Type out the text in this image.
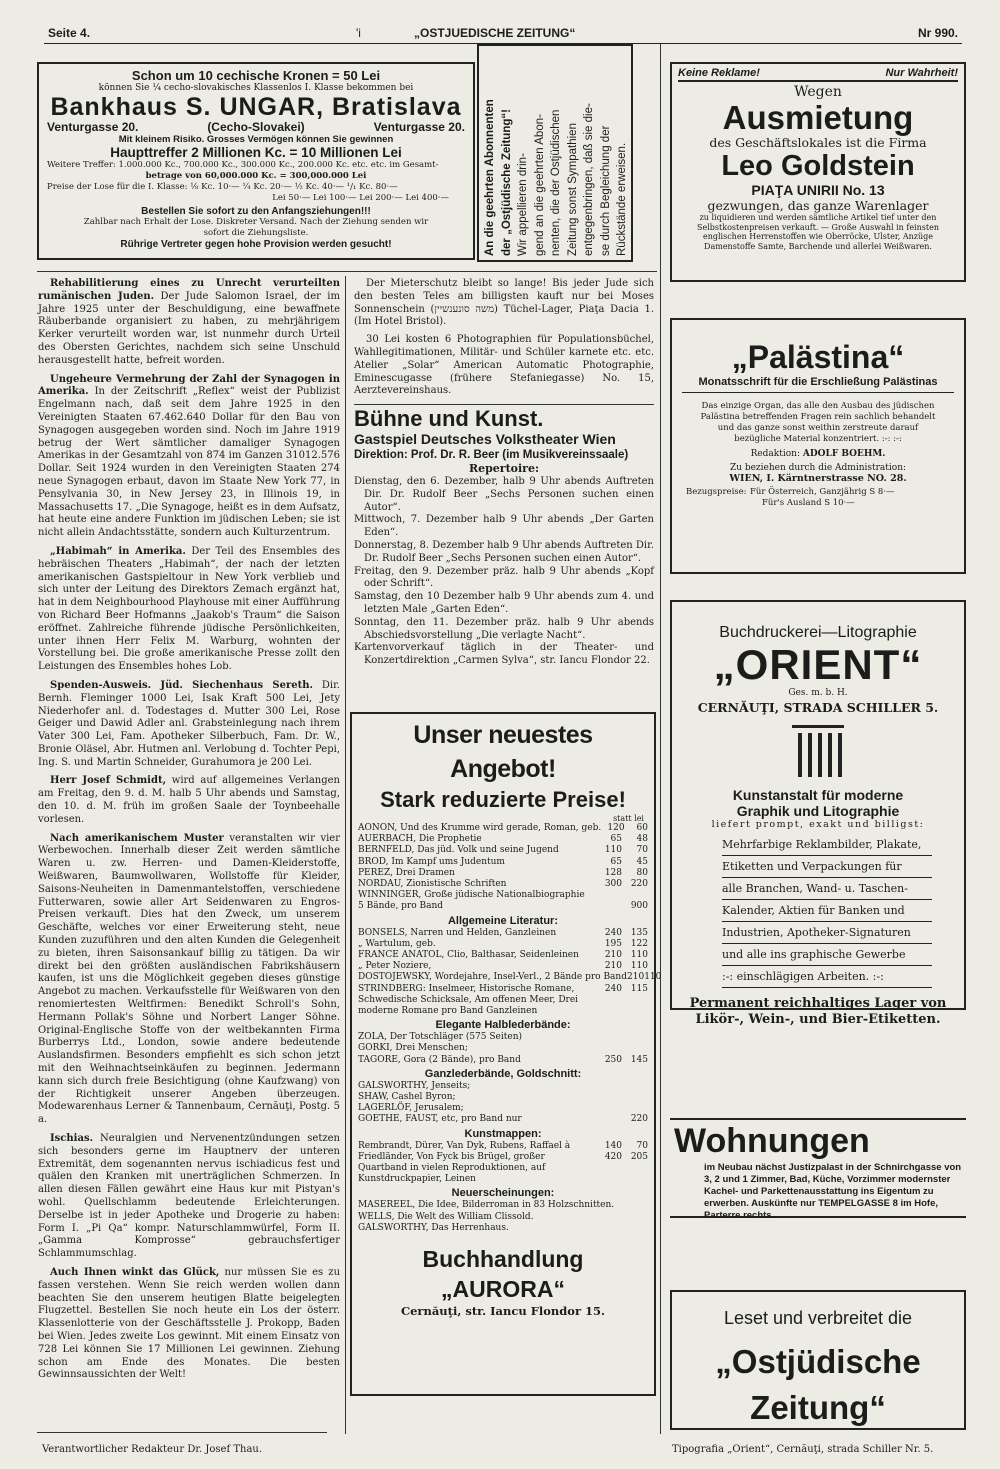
Seite 4.	'i	„OSTJUEDISCHE ZEITUNG“	Nr 990.
Schon um 10 cechische Kronen = 50 Lei
können Sie ¼ cecho-slovakisches Klassenlos I. Klasse bekommen bei
Bankhaus S. UNGAR, Bratislava
Venturgasse 20.	(Cecho-Slovakei)	Venturgasse 20.
Mit kleinem Risiko. Grosses Vermögen können Sie gewinnen
Haupttreffer 2 Millionen Kc. = 10 Millionen Lei
Weitere Treffer: 1.000.000 Kc., 700.000 Kc., 300.000 Kc., 200.000 Kc. etc. etc. im Gesamt-
betrage von 60,000.000 Kc. = 300,000.000 Lei
Preise der Lose für die I. Klasse: ⅛ Kc. 10·— ¼ Kc. 20·— ½ Kc. 40·— ¹/₁ Kc. 80·—
Lei 50·— Lei 100·— Lei 200·— Lei 400·—
Bestellen Sie sofort zu den Anfangsziehungen!!!
Zahlbar nach Erhalt der Lose. Diskreter Versand. Nach der Ziehung senden wir
sofort die Ziehungsliste.
Rührige Vertreter gegen hohe Provision werden gesucht!	An die geehrten Abonnenten der „Ostjüdische Zeitung“! Wir appellieren drin- gend an die geehrten Abon- nenten, die der Ostjüdischen Zeitung sonst Sympathien entgegenbringen, daß sie die- se durch Begleichung der Rückstände erweisen.
Keine Reklame!	Nur Wahrheit!
Wegen
Ausmietung
des Geschäftslokales ist die Firma
Leo Goldstein
PIAŢA UNIRII No. 13
gezwungen, das ganze Warenlager
zu liquidieren und werden sämtliche Artikel tief unter den Selbstkostenpreisen verkauft. — Große Auswahl in feinsten englischen Herrenstoffen wie Oberröcke, Ulster, Anzüge Damenstoffe Samte, Barchende und allerlei Weißwaren.
„Palästina“
Monatsschrift für die Erschließung Palästinas
Das einzige Organ, das alle den Ausbau des jüdischen Palästina betreffenden Fragen rein sachlich behandelt und das ganze sonst weithin zerstreute darauf bezügliche Material konzentriert. :-: :-:
Redaktion: ADOLF BOEHM.
Zu beziehen durch die Administration:
WIEN, I. Kärntnerstrasse NO. 28.
Bezugspreise: Für Österreich, Ganzjährig S 8·—
Für's Ausland S 10·—
Buchdruckerei—Litographie
„ORIENT“
Ges. m. b. H.
CERNĂUŢI, STRADA SCHILLER 5.
Kunstanstalt für moderne
Graphik und Litographie
liefert prompt, exakt und billigst:
Mehrfarbige Reklambilder, Plakate,
Etiketten und Verpackungen für
alle Branchen, Wand- u. Taschen-
Kalender, Aktien für Banken und
Industrien, Apotheker-Signaturen
und alle ins graphische Gewerbe
:-: einschlägigen Arbeiten. :-:
Permanent reichhaltiges Lager von Likör-, Wein-, und Bier-Etiketten.
Wohnungen
im Neubau nächst Justizpalast in der Schnirchgasse von 3, 2 und 1 Zimmer, Bad, Küche, Vorzimmer modernster Kachel- und Parkettenausstattung ins Eigentum zu erwerben. Auskünfte nur TEMPELGASSE 8 im Hofe, Parterre rechts.
Leset und verbreitet die
„Ostjüdische Zeitung“
Tipografia „Orient“, Cernăuţi, strada Schiller Nr. 5.

Rehabilitierung eines zu Unrecht verurteilten rumänischen Juden. Der Jude Salomon Israel, der im Jahre 1925 unter der Beschuldigung, eine bewaffnete Räuberbande organisiert zu haben, zu mehrjährigem Kerker verurteilt worden war, ist nunmehr durch Urteil des Obersten Gerichtes, nachdem sich seine Unschuld herausgestellt hatte, befreit worden.

Ungeheure Vermehrung der Zahl der Synagogen in Amerika. In der Zeitschrift „Reflex“ weist der Publizist Engelmann nach, daß seit dem Jahre 1925 in den Vereinigten Staaten 67.462.640 Dollar für den Bau von Synagogen ausgegeben worden sind. Noch im Jahre 1919 betrug der Wert sämtlicher damaliger Synagogen Amerikas in der Gesamtzahl von 874 im Ganzen 31012.576 Dollar. Seit 1924 wurden in den Vereinigten Staaten 274 neue Synagogen erbaut, davon im Staate New York 77, in Pensylvania 30, in New Jersey 23, in Illinois 19, in Massachusetts 17. „Die Synagoge, heißt es in dem Aufsatz, hat heute eine andere Funktion im jüdischen Leben; sie ist nicht allein Andachtsstätte, sondern auch Kulturzentrum.

„Habimah“ in Amerika. Der Teil des Ensembles des hebräischen Theaters „Habimah“, der nach der letzten amerikanischen Gastspieltour in New York verblieb und sich unter der Leitung des Direktors Zemach ergänzt hat, hat in dem Neighbourhood Playhouse mit einer Aufführung von Richard Beer Hofmanns „Jaakob's Traum“ die Saison eröffnet. Zahlreiche führende jüdische Persönlichkeiten, unter ihnen Herr Felix M. Warburg, wohnten der Vorstellung bei. Die große amerikanische Presse zollt den Leistungen des Ensembles hohes Lob.

Spenden-Ausweis. Jüd. Siechenhaus Sereth. Dir. Bernh. Fleminger 1000 Lei, Isak Kraft 500 Lei, Jety Niederhofer anl. d. Todestages d. Mutter 300 Lei, Rose Geiger und Dawid Adler anl. Grabsteinlegung nach ihrem Vater 300 Lei, Fam. Apotheker Silberbuch, Fam. Dr. W., Bronie Oläsel, Abr. Hutmen anl. Verlobung d. Tochter Pepi, Ing. S. und Martin Schneider, Gurahumora je 200 Lei.

Herr Josef Schmidt, wird auf allgemeines Verlangen am Freitag, den 9. d. M. halb 5 Uhr abends und Samstag, den 10. d. M. früh im großen Saale der Toynbeehalle vorlesen.

Nach amerikanischem Muster veranstalten wir vier Werbewochen. Innerhalb dieser Zeit werden sämtliche Waren u. zw. Herren- und Damen-Kleiderstoffe, Weißwaren, Baumwollwaren, Wollstoffe für Kleider, Saisons-Neuheiten in Damenmantelstoffen, verschiedene Futterwaren, sowie aller Art Seidenwaren zu Engros-Preisen verkauft. Dies hat den Zweck, um unserem Geschäfte, welches vor einer Erweiterung steht, neue Kunden zuzuführen und den alten Kunden die Gelegenheit zu bieten, ihren Saisonsankauf billig zu tätigen. Da wir direkt bei den größten ausländischen Fabrikshäusern kaufen, ist uns die Möglichkeit gegeben dieses günstige Angebot zu machen. Verkaufsstelle für Weißwaren von den renomiertesten Weltfirmen: Benedikt Schroll's Sohn, Hermann Pollak's Söhne und Norbert Langer Söhne. Original-Englische Stoffe von der weltbekannten Firma Burberrys Ltd., London, sowie andere bedeutende Auslandsfirmen. Besonders empfiehlt es sich schon jetzt mit den Weihnachtseinkäufen zu beginnen. Jedermann kann sich durch freie Besichtigung (ohne Kaufzwang) von der Richtigkeit unserer Angeben überzeugen. Modewarenhaus Lerner & Tannenbaum, Cernăuţi, Postg. 5 a.

Ischias. Neuralgien und Nervenentzündungen setzen sich besonders gerne im Hauptnerv der unteren Extremität, dem sogenannten nervus ischiadicus fest und quälen den Kranken mit unerträglichen Schmerzen. In allen diesen Fällen gewährt eine Haus kur mit Pistyan's wohl. Quellschlamm bedeutende Erleichterungen. Derselbe ist in jeder Apotheke und Drogerie zu haben: Form I. „Pi Qa“ kompr. Naturschlammwürfel, Form II. „Gamma Komprosse“ gebrauchsfertiger Schlammumschlag.

Auch Ihnen winkt das Glück, nur müssen Sie es zu fassen verstehen. Wenn Sie reich werden wollen dann beachten Sie den unserem heutigen Blatte beigelegten Flugzettel. Bestellen Sie noch heute ein Los der österr. Klassenlotterie von der Geschäftsstelle J. Prokopp, Baden bei Wien. Jedes zweite Los gewinnt. Mit einem Einsatz von 728 Lei können Sie 17 Millionen Lei gewinnen. Ziehung schon am Ende des Monates. Die besten Gewinnsaussichten der Welt!

Verantwortlicher Redakteur Dr. Josef Thau.

Der Mieterschutz bleibt so lange! Bis jeder Jude sich den besten Teles am billigsten kauft nur bei Moses Sonnenschein (משה סונענשיין) Tüchel-Lager, Piaţa Dacia 1. (Im Hotel Bristol).

30 Lei kosten 6 Photographien für Populationsbüchel, Wahllegitimationen, Militär- und Schüler karnete etc. etc. Atelier „Solar“ American Automatic Photographie, Eminescugasse (frühere Stefaniegasse) No. 15, Aerztevereinshaus.

Bühne und Kunst.
Gastspiel Deutsches Volkstheater Wien
Direktion: Prof. Dr. R. Beer (im Musikvereinssaale)
Repertoire:
Dienstag, den 6. Dezember, halb 9 Uhr abends Auftreten Dir. Dr. Rudolf Beer „Sechs Personen suchen einen Autor“.
Mittwoch, 7. Dezember halb 9 Uhr abends „Der Garten Eden“.
Donnerstag, 8. Dezember halb 9 Uhr abends Auftreten Dir. Dr. Rudolf Beer „Sechs Personen suchen einen Autor“.
Freitag, den 9. Dezember präz. halb 9 Uhr abends „Kopf oder Schrift“.
Samstag, den 10 Dezember halb 9 Uhr abends zum 4. und letzten Male „Garten Eden“.
Sonntag, den 11. Dezember präz. halb 9 Uhr abends Abschiedsvorstellung „Die verlagte Nacht“.
Kartenvorverkauf täglich in der Theater- und Konzertdirektion „Carmen Sylva“, str. Iancu Flondor 22.
Unser neuestes Angebot!
Stark reduzierte Preise!
statt lei
AONON, Und des Krumme wird gerade, Roman, geb. 120	60
AUERBACH, Die Prophetie	65	48
BERNFELD, Das jüd. Volk und seine Jugend	110	70
BROD, Im Kampf ums Judentum	65	45
PEREZ, Drei Dramen	128	80
NORDAU, Zionistische Schriften	300 220
WINNINGER, Große jüdische Nationalbiographie
5 Bände, pro Band	900
Allgemeine Literatur:
BONSELS, Narren und Helden, Ganzleinen	240 135
„ Wartulum, geb.	195 122
FRANCE ANATOL, Clio, Balthasar, Seidenleinen	210 110
„ Peter Noziere,	210 110
DOSTOJEWSKY, Wordejahre, Insel-Verl., 2 Bände pro Band 210 110
STRINDBERG: Inselmeer, Historische Romane, Schwedische Schicksale, Am offenen Meer, Drei moderne Romane pro Band Ganzleinen
240 115
Elegante Halblederbände:
ZOLA, Der Totschläger (575 Seiten)
GORKI, Drei Menschen;
TAGORE, Gora (2 Bände), pro Band	250 145
Ganzlederbände, Goldschnitt:
GALSWORTHY, Jenseits;
SHAW, Cashel Byron;
LAGERLÖF, Jerusalem;
GOETHE, FAUST, etc, pro Band nur	220
Kunstmappen:
Rembrandt, Dürer, Van Dyk, Rubens, Raffael à	140	70
Friedländer, Von Fyck bis Brügel, großer Quartband in vielen Reproduktionen, auf Kunstdruckpapier, Leinen
420 205
Neuerscheinungen:
MASEREEL, Die Idee, Bilderroman in 83 Holzschnitten.
WELLS, Die Welt des William Clissold.
GALSWORTHY, Das Herrenhaus.
Buchhandlung „AURORA“
Cernăuţi, str. Iancu Flondor 15.
